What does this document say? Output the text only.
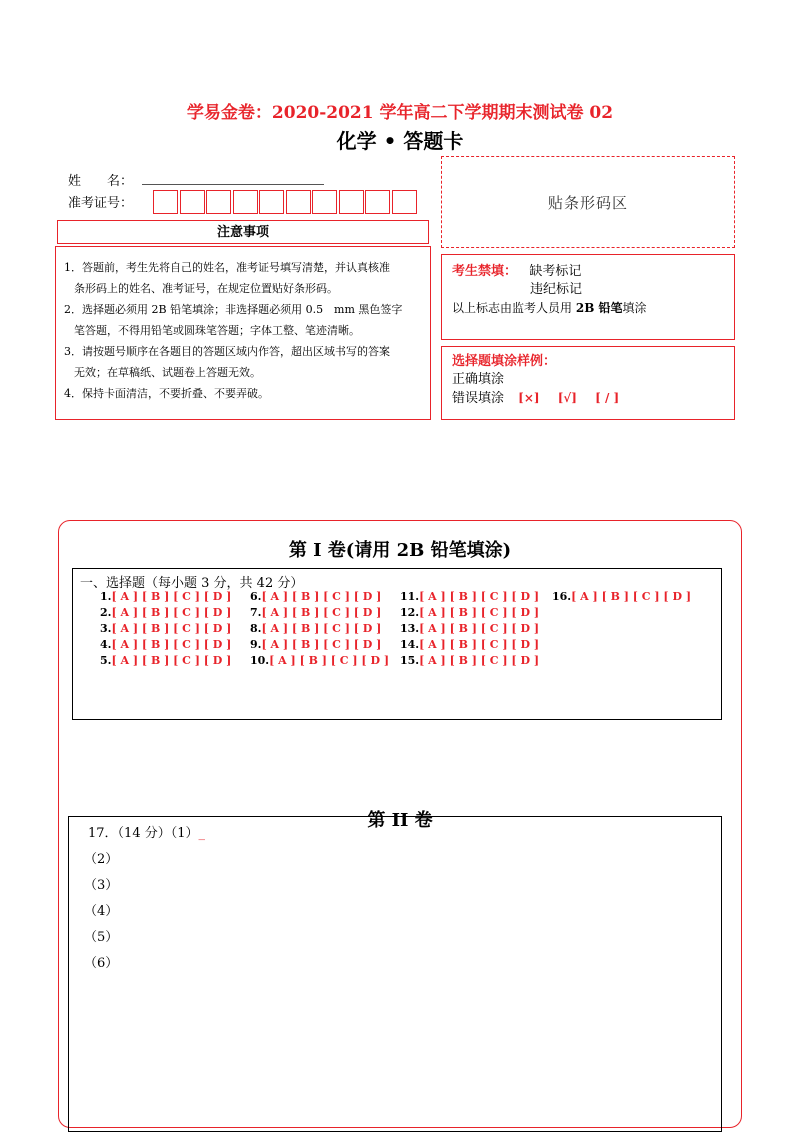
学易金卷：2020-2021 学年高二下学期期末测试卷 02
化学 • 答题卡
姓　　名：
准考证号：
注意事项

1．答题前，考生先将自己的姓名，准考证号填写清楚，并认真核准

条形码上的姓名、准考证号，在规定位置贴好条形码。

2．选择题必须用 2B 铅笔填涂；非选择题必须用 0.5　mm 黑色签字

笔答题，不得用铅笔或圆珠笔答题；字体工整、笔迹清晰。

3．请按题号顺序在各题目的答题区域内作答，超出区域书写的答案

无效；在草稿纸、试题卷上答题无效。

4．保持卡面清洁，不要折叠、不要弄破。

贴条形码区
考生禁填： 缺考标记
违纪标记
以上标志由监考人员用 2B 铅笔填涂
选择题填涂样例：
正确填涂
错误填涂 [×] [√] [ / ]
第 I 卷(请用 2B 铅笔填涂)
一、选择题（每小题 3 分，共 42 分）
1.[ A ] [ B ] [ C ] [ D ]
2.[ A ] [ B ] [ C ] [ D ]
3.[ A ] [ B ] [ C ] [ D ]
4.[ A ] [ B ] [ C ] [ D ]
5.[ A ] [ B ] [ C ] [ D ]
6.[ A ] [ B ] [ C ] [ D ]
7.[ A ] [ B ] [ C ] [ D ]
8.[ A ] [ B ] [ C ] [ D ]
9.[ A ] [ B ] [ C ] [ D ]
10.[ A ] [ B ] [ C ] [ D ]
11.[ A ] [ B ] [ C ] [ D ]
12.[ A ] [ B ] [ C ] [ D ]
13.[ A ] [ B ] [ C ] [ D ]
14.[ A ] [ B ] [ C ] [ D ]
15.[ A ] [ B ] [ C ] [ D ]
16.[ A ] [ B ] [ C ] [ D ]
第 II 卷
17．（14 分）（1）_
（2）
（3）
（4）
（5）
（6）
